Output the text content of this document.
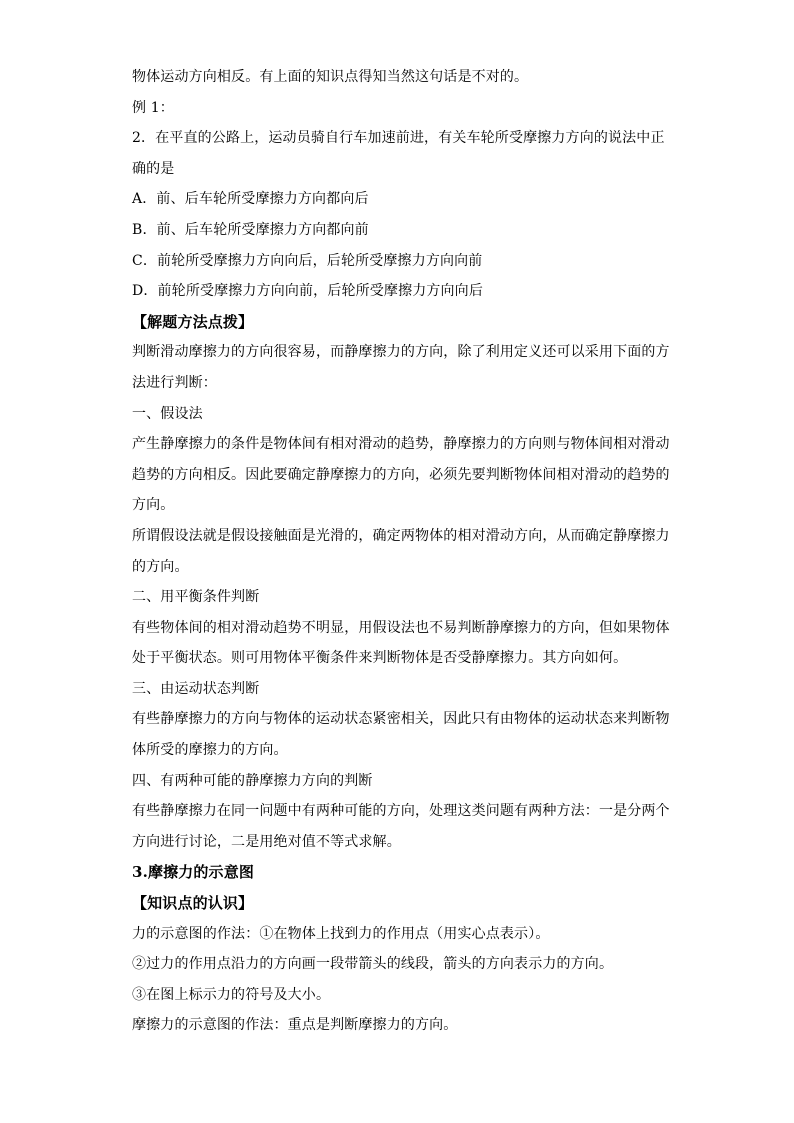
物体运动方向相反。有上面的知识点得知当然这句话是不对的。
例 1：
2．在平直的公路上，运动员骑自行车加速前进，有关车轮所受摩擦力方向的说法中正
确的是
A．前、后车轮所受摩擦力方向都向后
B．前、后车轮所受摩擦力方向都向前
C．前轮所受摩擦力方向向后，后轮所受摩擦力方向向前
D．前轮所受摩擦力方向向前，后轮所受摩擦力方向向后
【解题方法点拨】
判断滑动摩擦力的方向很容易，而静摩擦力的方向，除了利用定义还可以采用下面的方
法进行判断：
一、假设法
产生静摩擦力的条件是物体间有相对滑动的趋势，静摩擦力的方向则与物体间相对滑动
趋势的方向相反。因此要确定静摩擦力的方向，必须先要判断物体间相对滑动的趋势的
方向。
所谓假设法就是假设接触面是光滑的，确定两物体的相对滑动方向，从而确定静摩擦力
的方向。
二、用平衡条件判断
有些物体间的相对滑动趋势不明显，用假设法也不易判断静摩擦力的方向，但如果物体
处于平衡状态。则可用物体平衡条件来判断物体是否受静摩擦力。其方向如何。
三、由运动状态判断
有些静摩擦力的方向与物体的运动状态紧密相关，因此只有由物体的运动状态来判断物
体所受的摩擦力的方向。
四、有两种可能的静摩擦力方向的判断
有些静摩擦力在同一问题中有两种可能的方向，处理这类问题有两种方法：一是分两个
方向进行讨论，二是用绝对值不等式求解。
3.摩擦力的示意图
【知识点的认识】
力的示意图的作法：①在物体上找到力的作用点（用实心点表示）。
②过力的作用点沿力的方向画一段带箭头的线段，箭头的方向表示力的方向。
③在图上标示力的符号及大小。
摩擦力的示意图的作法：重点是判断摩擦力的方向。
